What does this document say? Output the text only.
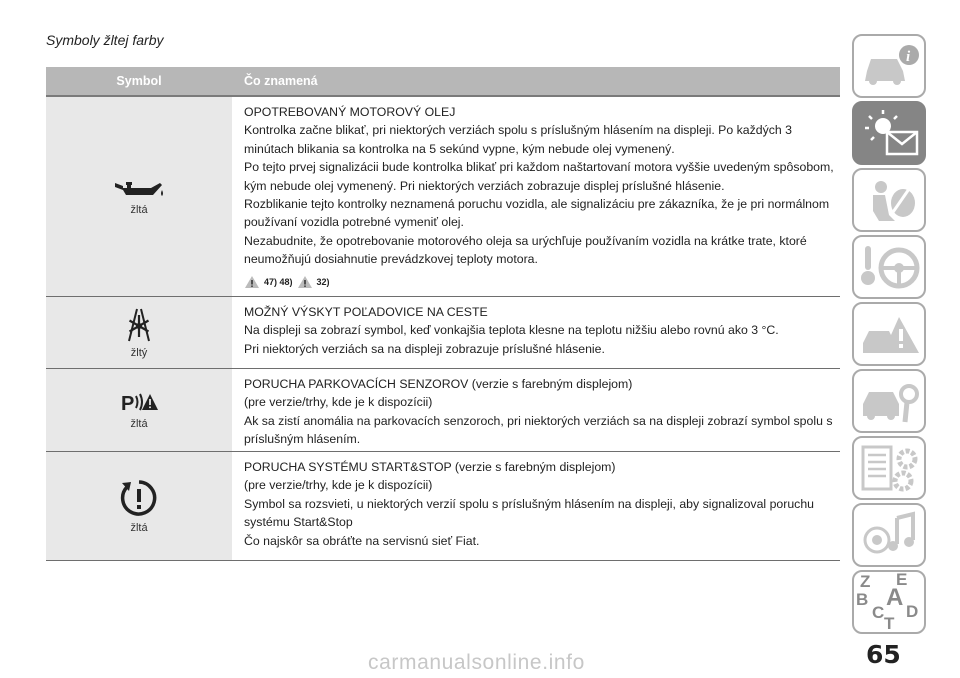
Symboly žltej farby
Symbol	Čo znamená
žltá

OPOTREBOVANÝ MOTOROVÝ OLEJ

Kontrolka začne blikať, pri niektorých verziách spolu s príslušným hlásením na displeji. Po každých 3 minútach blikania sa kontrolka na 5 sekúnd vypne, kým nebude olej vymenený.

Po tejto prvej signalizácii bude kontrolka blikať pri každom naštartovaní motora vyššie uvedeným spôsobom, kým nebude olej vymenený. Pri niektorých verziách zobrazuje displej príslušné hlásenie.

Rozblikanie tejto kontrolky neznamená poruchu vozidla, ale signalizáciu pre zákazníka, že je pri normálnom používaní vozidla potrebné vymeniť olej.

Nezabudnite, že opotrebovanie motorového oleja sa urýchľuje používaním vozidla na krátke trate, ktoré neumožňujú dosiahnutie prevádzkovej teploty motora.

47) 48)	32)
žltý

MOŽNÝ VÝSKYT POĽADOVICE NA CESTE

Na displeji sa zobrazí symbol, keď vonkajšia teplota klesne na teplotu nižšiu alebo rovnú ako 3 °C.

Pri niektorých verziách sa na displeji zobrazuje príslušné hlásenie.

P
žltá

PORUCHA PARKOVACÍCH SENZOROV (verzie s farebným displejom)

(pre verzie/trhy, kde je k dispozícii)

Ak sa zistí anomália na parkovacích senzoroch, pri niektorých verziách sa na displeji zobrazí symbol spolu s príslušným hlásením.

žltá

PORUCHA SYSTÉMU START&STOP (verzie s farebným displejom)

(pre verzie/trhy, kde je k dispozícii)

Symbol sa rozsvieti, u niektorých verzií spolu s príslušným hlásením na displeji, aby signalizoval poruchu systému Start&Stop

Čo najskôr sa obráťte na servisnú sieť Fiat.

i
Z E
A
B
C D
T
65
carmanualsonline.info
